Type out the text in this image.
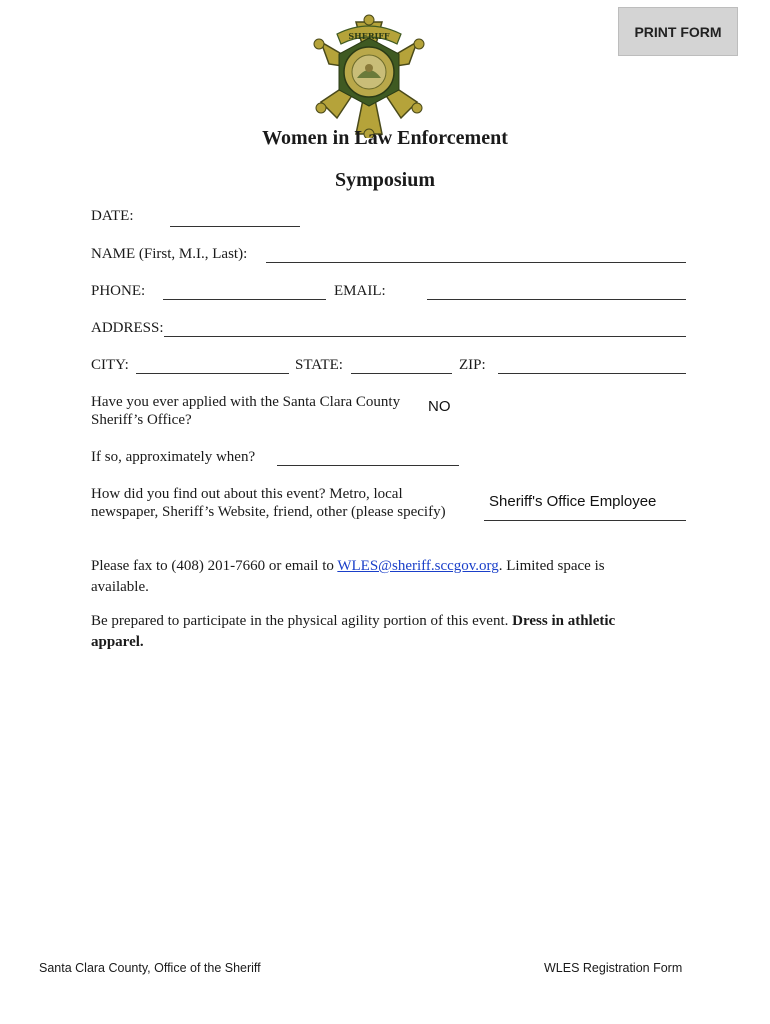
SHERIFF	PRINT FORM
Women in Law Enforcement
Symposium
DATE:
NAME (First, M.I., Last):
PHONE:	EMAIL:
ADDRESS:
CITY:	STATE:	ZIP:
Have you ever applied with the Santa Clara County
Sheriff’s Office?
NO
If so, approximately when?
How did you find out about this event? Metro, local
newspaper, Sheriff’s Website, friend, other (please specify)
Sheriff's Office Employee
Please fax to (408) 201-7660 or email to WLES@sheriff.sccgov.org. Limited space is
available.
Be prepared to participate in the physical agility portion of this event. Dress in athletic
apparel.
Santa Clara County, Office of the Sheriff	WLES Registration Form
